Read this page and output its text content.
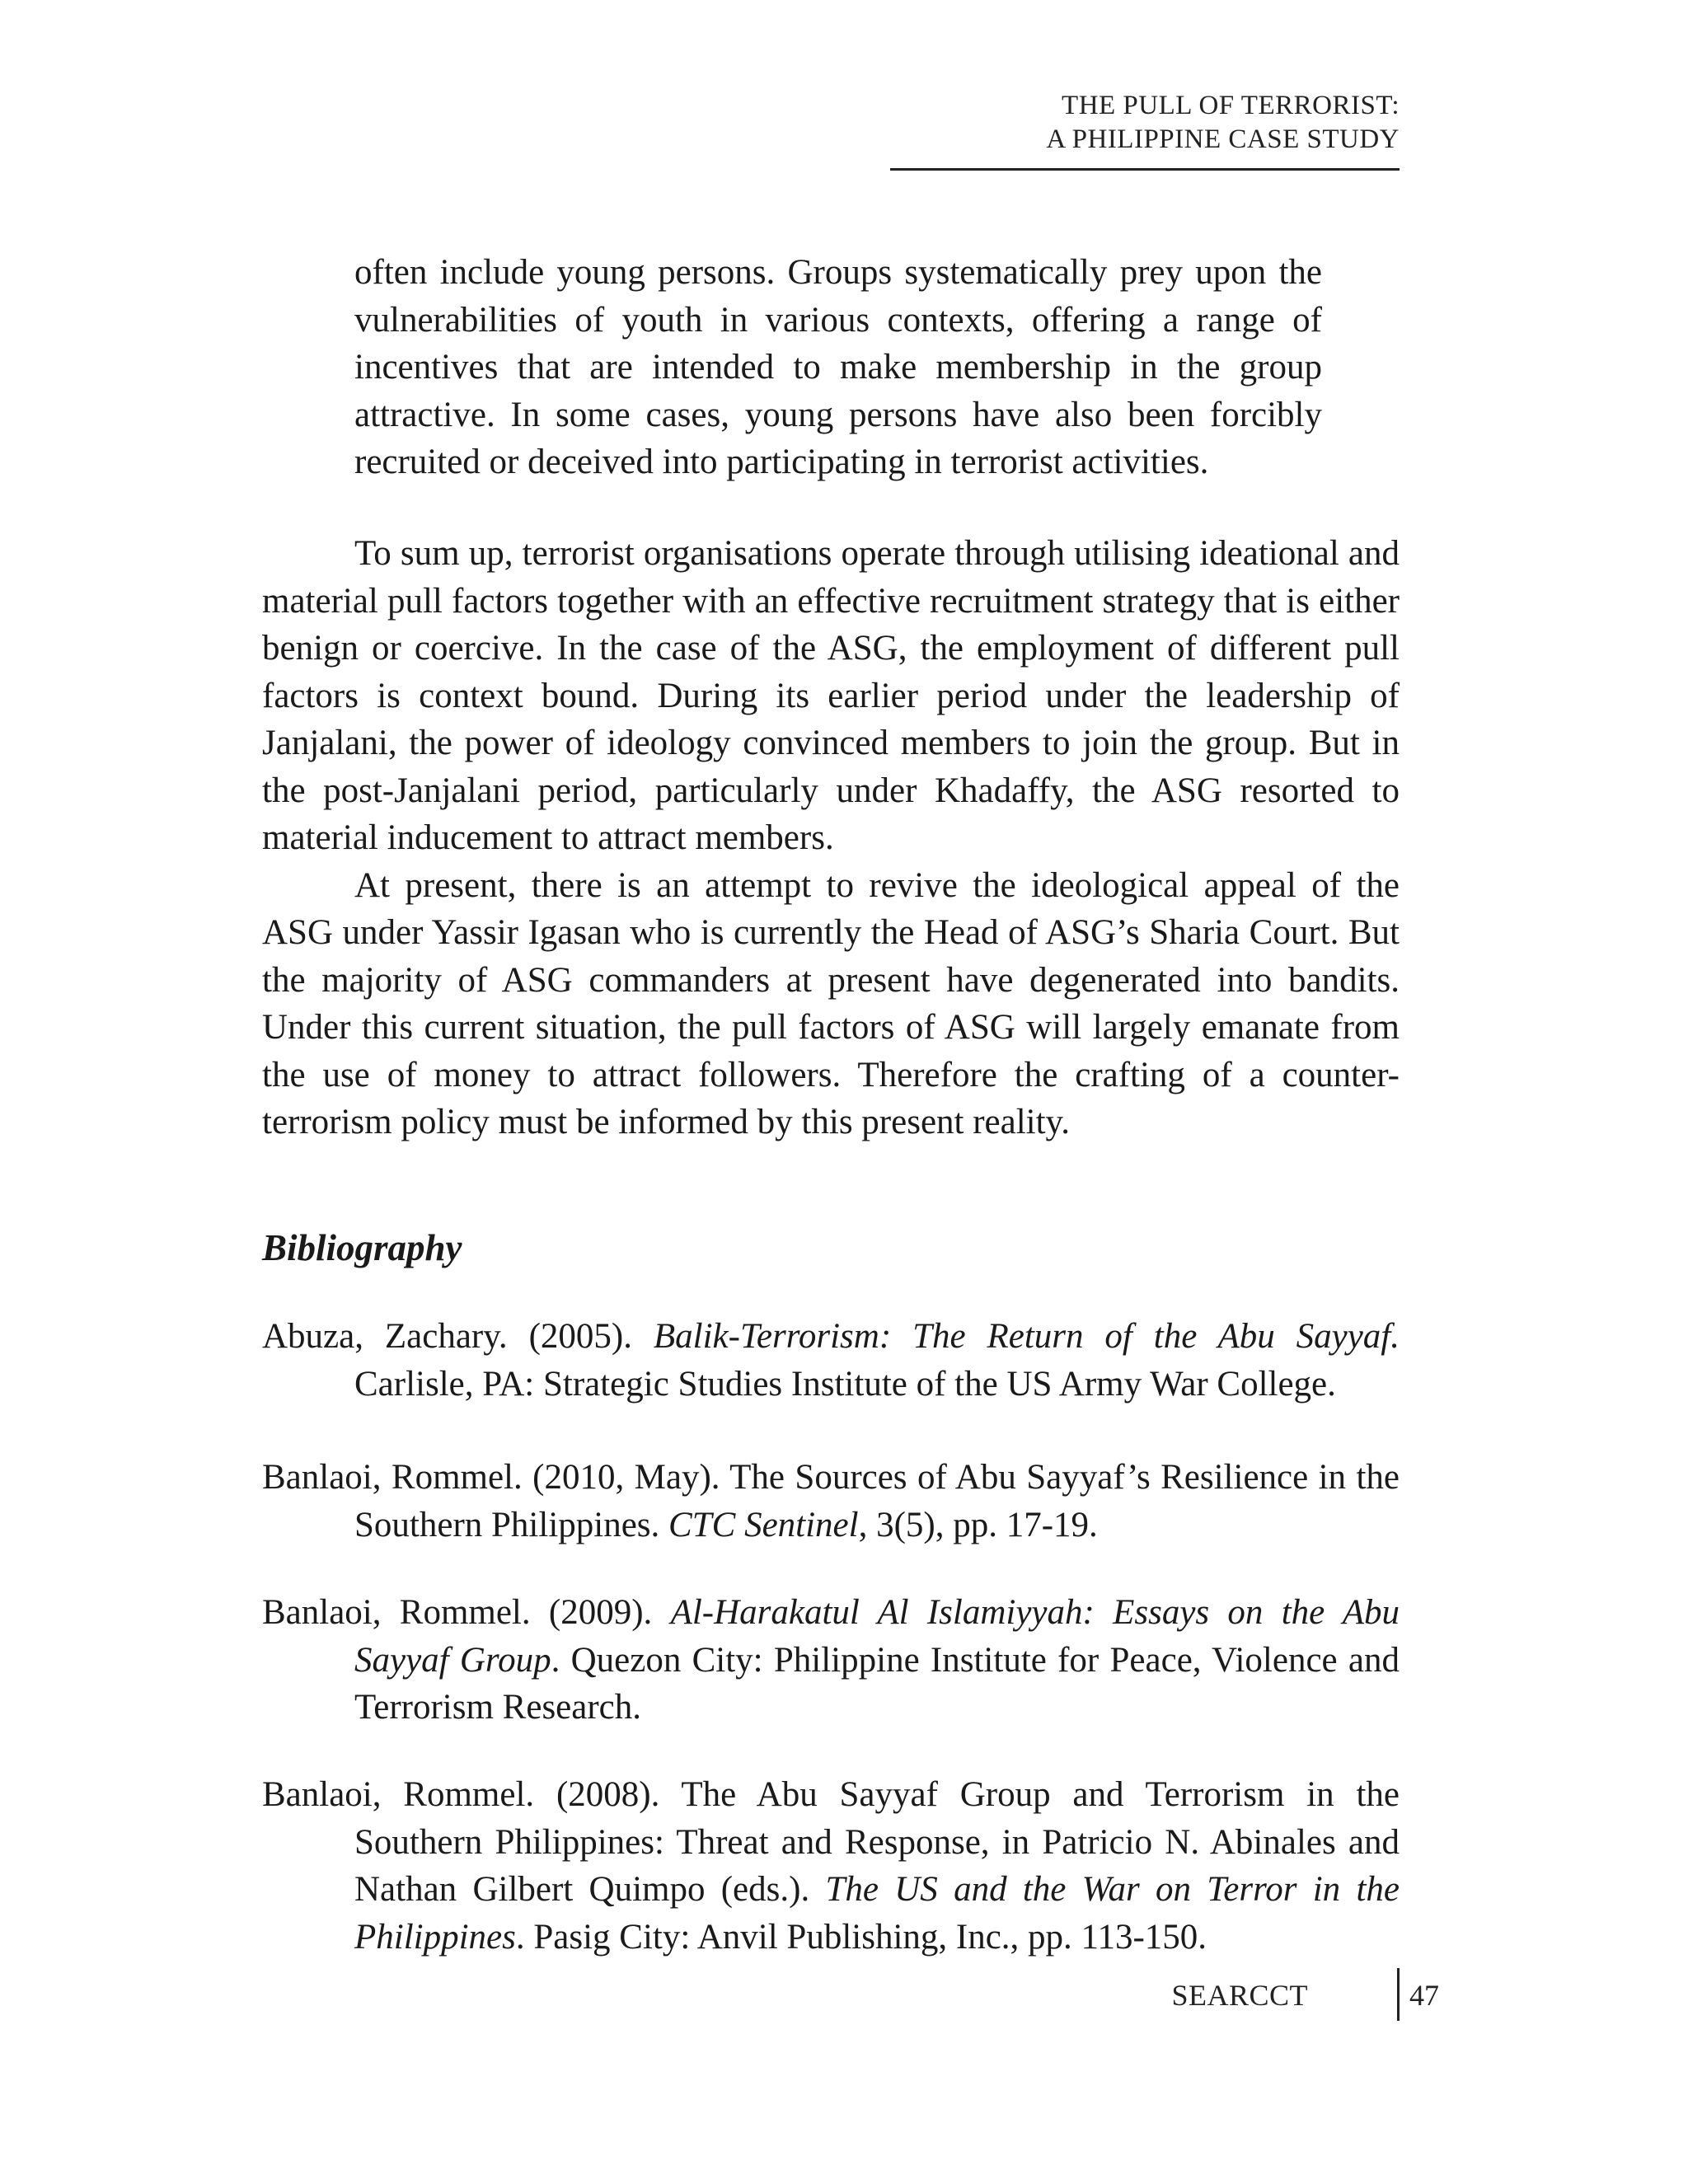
THE PULL OF TERRORIST:
A PHILIPPINE CASE STUDY

often include young persons. Groups systematically prey upon the vulnerabilities of youth in various contexts, offering a range of incentives that are intended to make membership in the group attractive. In some cases, young persons have also been forcibly recruited or deceived into participating in terrorist activities.

To sum up, terrorist organisations operate through utilising ideational and material pull factors together with an effective recruitment strategy that is either benign or coercive. In the case of the ASG, the employment of different pull factors is context bound. During its earlier period under the leadership of Janjalani, the power of ideology convinced members to join the group. But in the post-Janjalani period, particularly under Khadaffy, the ASG resorted to material inducement to attract members.

At present, there is an attempt to revive the ideological appeal of the ASG under Yassir Igasan who is currently the Head of ASG’s Sharia Court. But the majority of ASG commanders at present have degenerated into bandits. Under this current situation, the pull factors of ASG will largely emanate from the use of money to attract followers. Therefore the crafting of a counter-terrorism policy must be informed by this present reality.

Bibliography
Abuza, Zachary. (2005). Balik-Terrorism: The Return of the Abu Sayyaf. Carlisle, PA: Strategic Studies Institute of the US Army War College.
Banlaoi, Rommel. (2010, May). The Sources of Abu Sayyaf’s Resilience in the Southern Philippines. CTC Sentinel, 3(5), pp. 17-19.
Banlaoi, Rommel. (2009). Al-Harakatul Al Islamiyyah: Essays on the Abu Sayyaf Group. Quezon City: Philippine Institute for Peace, Violence and Terrorism Research.
Banlaoi, Rommel. (2008). The Abu Sayyaf Group and Terrorism in the Southern Philippines: Threat and Response, in Patricio N. Abinales and Nathan Gilbert Quimpo (eds.). The US and the War on Terror in the Philippines. Pasig City: Anvil Publishing, Inc., pp. 113-150.
SEARCCT	47
